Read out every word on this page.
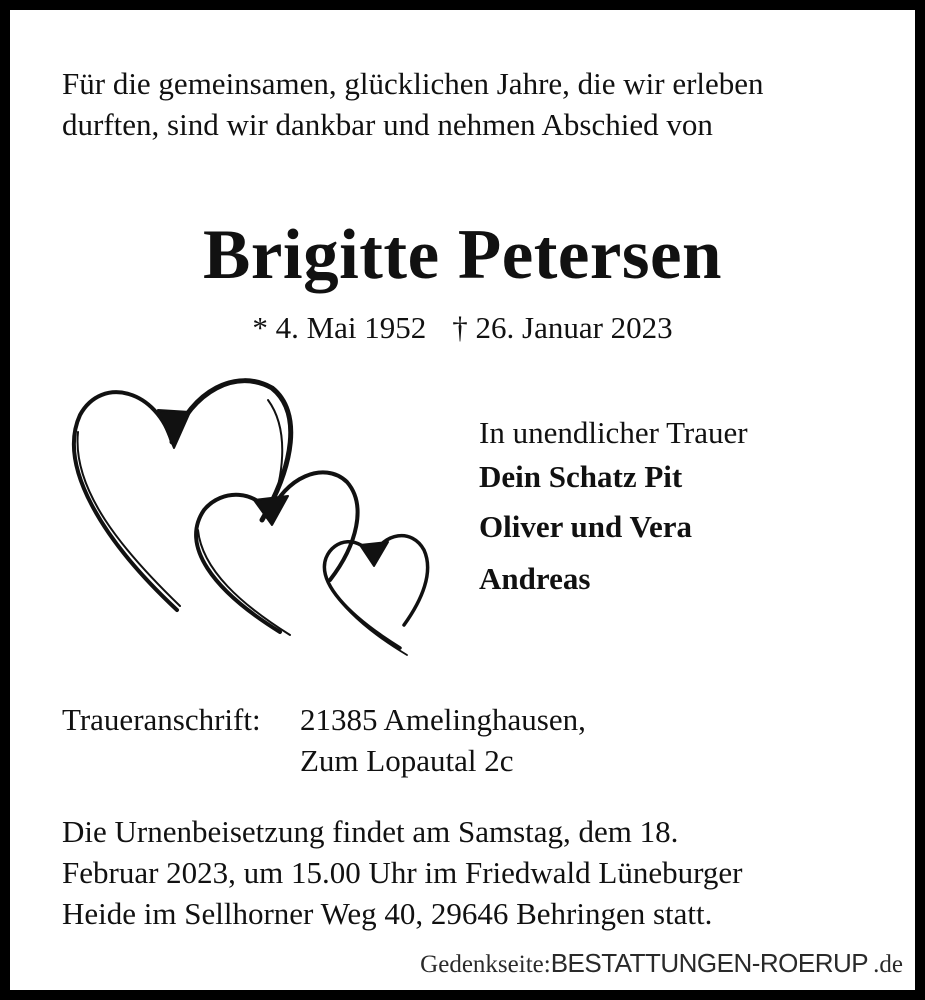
Für die gemeinsamen, glücklichen Jahre, die wir erleben
durften, sind wir dankbar und nehmen Abschied von
Brigitte Petersen
* 4. Mai 1952 † 26. Januar 2023
In unendlicher Trauer
Dein Schatz Pit
Oliver und Vera
Andreas
Traueranschrift: 21385 Amelinghausen,
Zum Lopautal 2c
Die Urnenbeisetzung findet am Samstag, dem 18.
Februar 2023, um 15.00 Uhr im Friedwald Lüneburger
Heide im Sellhorner Weg 40, 29646 Behringen statt.
Gedenkseite:BESTATTUNGEN-ROERUP .de
